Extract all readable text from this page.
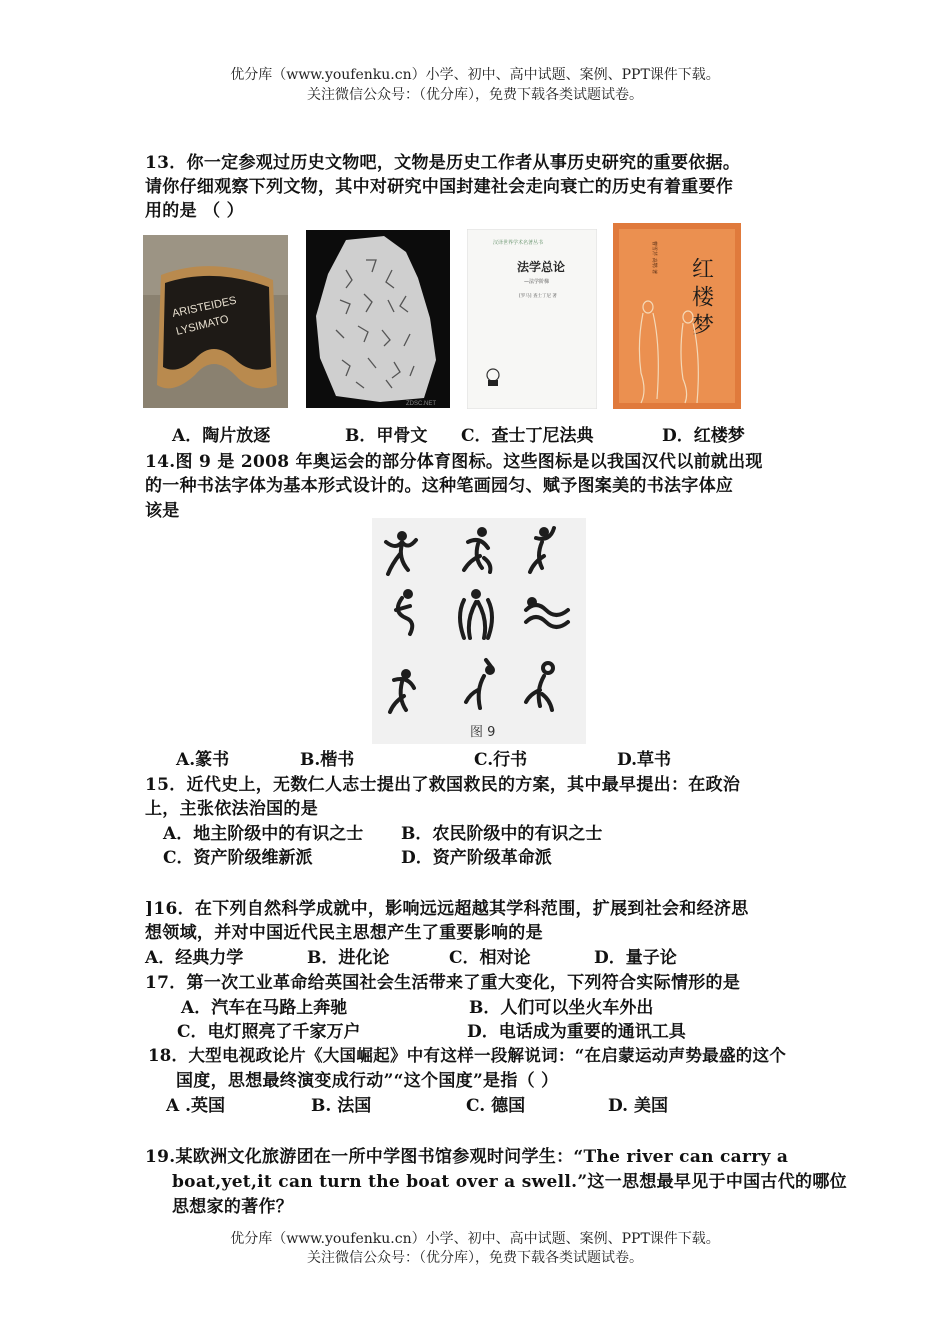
优分库（www.youfenku.cn）小学、初中、高中试题、案例、PPT课件下载。
关注微信公众号：（优分库），免费下载各类试题试卷。
13．你一定参观过历史文物吧，文物是历史工作者从事历史研究的重要依据。
请你仔细观察下列文物，其中对研究中国封建社会走向衰亡的历史有着重要作
用的是 （ ）
ARISTEIDES
LYSIMATO
ZDSC.NET
汉译世界学术名著丛书
法学总论
—法学阶梯
[罗马] 查士丁尼 著
曹雪芹 高鹗 著 红楼梦
A．陶片放逐	B．甲骨文 C．查士丁尼法典	D．红楼梦
14.图 9 是 2008 年奥运会的部分体育图标。这些图标是以我国汉代以前就出现
的一种书法字体为基本形式设计的。这种笔画园匀、赋予图案美的书法字体应
该是
图 9
A.篆书	B.楷书	C.行书	D.草书
15．近代史上，无数仁人志士提出了救国救民的方案，其中最早提出：在政治
上，主张依法治国的是
A．地主阶级中的有识之士 B．农民阶级中的有识之士
C．资产阶级维新派	D．资产阶级革命派
]16．在下列自然科学成就中，影响远远超越其学科范围，扩展到社会和经济思
想领域，并对中国近代民主思想产生了重要影响的是
A．经典力学	B．进化论	C．相对论	D．量子论
17．第一次工业革命给英国社会生活带来了重大变化，下列符合实际情形的是
A．汽车在马路上奔驰	B．人们可以坐火车外出
C．电灯照亮了千家万户	D．电话成为重要的通讯工具
18．大型电视政论片《大国崛起》中有这样一段解说词：“在启蒙运动声势最盛的这个
国度，思想最终演变成行动”“这个国度”是指（ ）
A .英国	B. 法国	C. 德国	D. 美国
19.某欧洲文化旅游团在一所中学图书馆参观时问学生：“The river can carry a
boat,yet,it can turn the boat over a swell.”这一思想最早见于中国古代的哪位
思想家的著作？
优分库（www.youfenku.cn）小学、初中、高中试题、案例、PPT课件下载。
关注微信公众号：（优分库），免费下载各类试题试卷。
